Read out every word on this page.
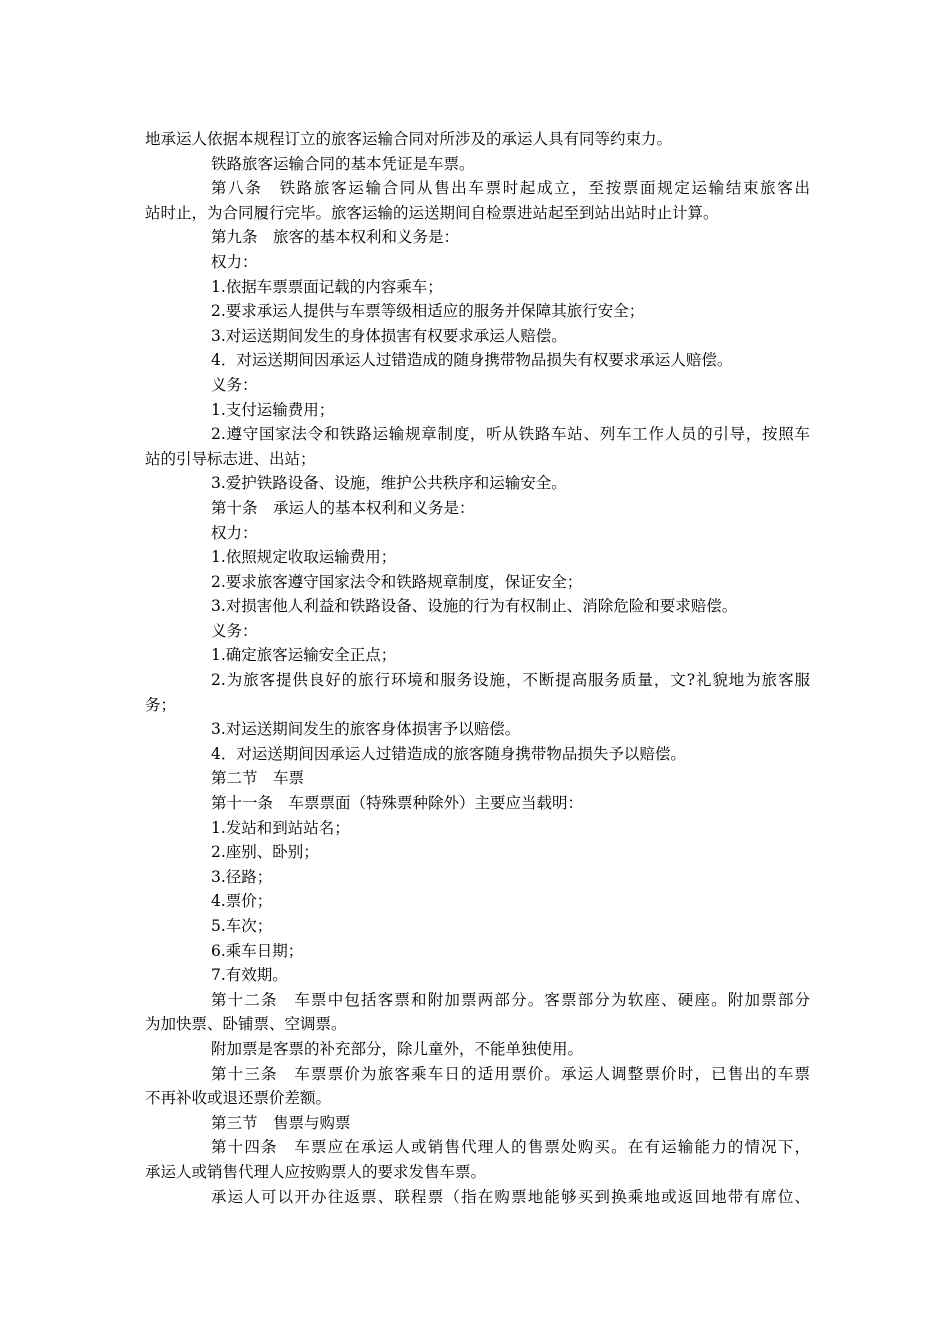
地承运人依据本规程订立的旅客运输合同对所涉及的承运人具有同等约束力。
铁路旅客运输合同的基本凭证是车票。
第八条　铁路旅客运输合同从售出车票时起成立，至按票面规定运输结束旅客出
站时止，为合同履行完毕。旅客运输的运送期间自检票进站起至到站出站时止计算。
第九条　旅客的基本权利和义务是：
权力：
1.依据车票票面记载的内容乘车；
2.要求承运人提供与车票等级相适应的服务并保障其旅行安全；
3.对运送期间发生的身体损害有权要求承运人赔偿。
4．对运送期间因承运人过错造成的随身携带物品损失有权要求承运人赔偿。
义务：
1.支付运输费用；
2.遵守国家法令和铁路运输规章制度，听从铁路车站、列车工作人员的引导，按照车
站的引导标志进、出站；
3.爱护铁路设备、设施，维护公共秩序和运输安全。
第十条　承运人的基本权利和义务是：
权力：
1.依照规定收取运输费用；
2.要求旅客遵守国家法令和铁路规章制度，保证安全；
3.对损害他人利益和铁路设备、设施的行为有权制止、消除危险和要求赔偿。
义务：
1.确定旅客运输安全正点；
2.为旅客提供良好的旅行环境和服务设施，不断提高服务质量，文?礼貌地为旅客服
务；
3.对运送期间发生的旅客身体损害予以赔偿。
4．对运送期间因承运人过错造成的旅客随身携带物品损失予以赔偿。
第二节　车票
第十一条　车票票面（特殊票种除外）主要应当载明：
1.发站和到站站名；
2.座别、卧别；
3.径路；
4.票价；
5.车次；
6.乘车日期；
7.有效期。
第十二条　车票中包括客票和附加票两部分。客票部分为软座、硬座。附加票部分
为加快票、卧铺票、空调票。
附加票是客票的补充部分，除儿童外，不能单独使用。
第十三条　车票票价为旅客乘车日的适用票价。承运人调整票价时，已售出的车票
不再补收或退还票价差额。
第三节　售票与购票
第十四条　车票应在承运人或销售代理人的售票处购买。在有运输能力的情况下，
承运人或销售代理人应按购票人的要求发售车票。
承运人可以开办往返票、联程票（指在购票地能够买到换乘地或返回地带有席位、
